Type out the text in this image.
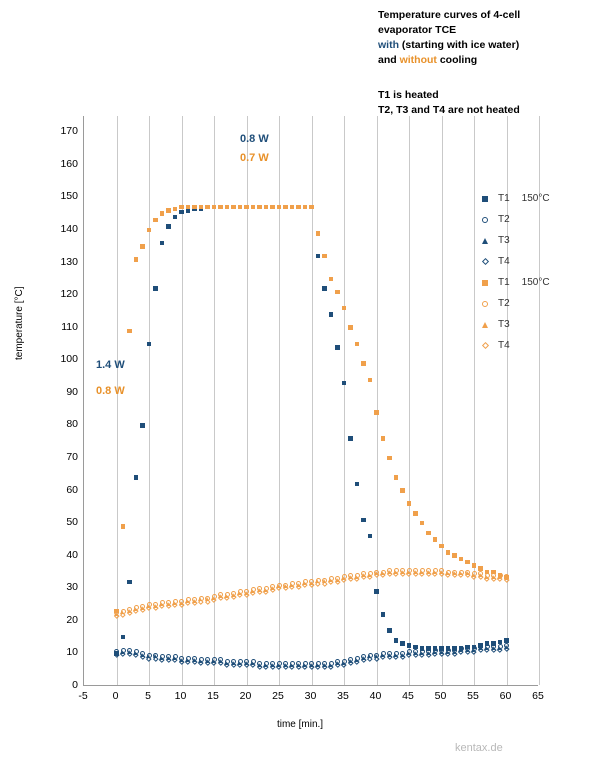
Temperature curves of 4-cell
evaporator TCE
with (starting with ice water)
and without cooling
T1 is heated
T2, T3 and T4 are not heated
temperature [°C]
time [min.]
0
10
20
30
40
50
60
70
80
90
100
110
120
130
140
150
160
170
-5	0	5	10	15	20	25	30	35	40	45	50	55	60	65
0.8 W
0.7 W
1.4 W
0.8 W
T1 150°C
T2
T3
T4
T1 150°C
T2
T3
T4
kentax.de
